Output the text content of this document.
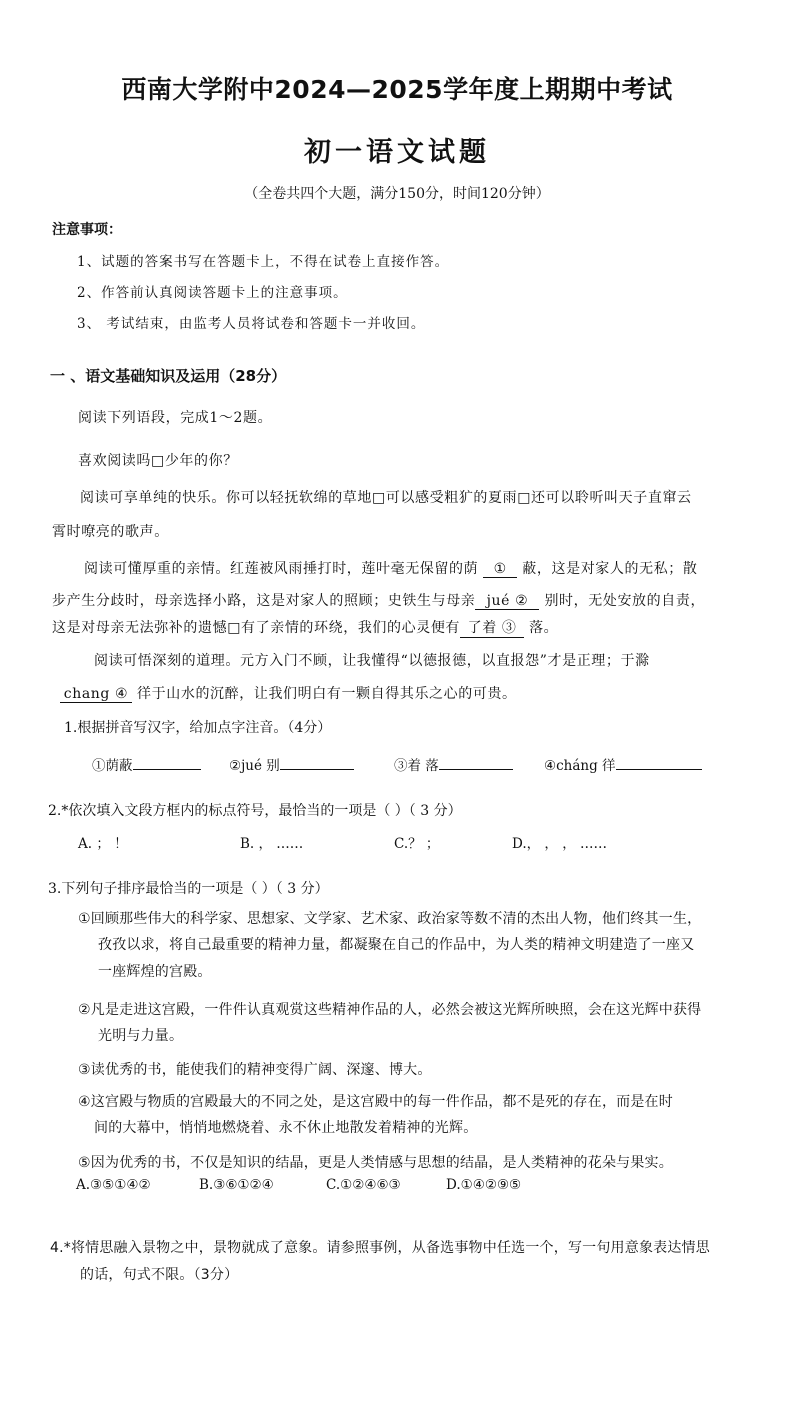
西南大学附中2024—2025学年度上期期中考试
初一语文试题
（全卷共四个大题，满分150分，时间120分钟）
注意事项：
1、试题的答案书写在答题卡上，不得在试卷上直接作答。
2、作答前认真阅读答题卡上的注意事项。
3、 考试结束，由监考人员将试卷和答题卡一并收回。
一 、语文基础知识及运用（28分）
阅读下列语段，完成1～2题。
喜欢阅读吗□少年的你？
阅读可享单纯的快乐。你可以轻抚软绵的草地□可以感受粗犷的夏雨□还可以聆听叫天子直窜云
霄时嘹亮的歌声。
阅读可懂厚重的亲情。红莲被风雨捶打时，莲叶毫无保留的荫 ① 蔽，这是对家人的无私；散
步产生分歧时，母亲选择小路，这是对家人的照顾；史铁生与母亲 jué ② 别时，无处安放的自责，
这是对母亲无法弥补的遗憾□有了亲情的环绕，我们的心灵便有 了着 ③ 落。
阅读可悟深刻的道理。元方入门不顾，让我懂得“以德报德，以直报怨”才是正理；于滁
chang ④ 徉于山水的沉醉，让我们明白有一颗自得其乐之心的可贵。
1.根据拼音写汉字，给加点字注音。（4分）
①荫蔽	②jué 别	③着 落	④cháng 徉
2.*依次填入文段方框内的标点符号，最恰当的一项是（ ）（ 3 分）
A. ； ！	B. ， ……	C.？ ；	D.， ， ， ……
3.下列句子排序最恰当的一项是（ ）（ 3 分）
①回顾那些伟大的科学家、思想家、文学家、艺术家、政治家等数不清的杰出人物，他们终其一生，
孜孜以求，将自己最重要的精神力量，都凝聚在自己的作品中，为人类的精神文明建造了一座又
一座辉煌的宫殿。
②凡是走进这宫殿，一件件认真观赏这些精神作品的人，必然会被这光辉所映照，会在这光辉中获得
光明与力量。
③读优秀的书，能使我们的精神变得广阔、深邃、博大。
④这宫殿与物质的宫殿最大的不同之处，是这宫殿中的每一件作品，都不是死的存在，而是在时
间的大幕中，悄悄地燃烧着、永不休止地散发着精神的光辉。
⑤因为优秀的书，不仅是知识的结晶，更是人类情感与思想的结晶，是人类精神的花朵与果实。
A.③⑤①④②	B.③⑥①②④	C.①②④⑥③	D.①④②⑨⑤
4.*将情思融入景物之中，景物就成了意象。请参照事例，从备选事物中任选一个，写一句用意象表达情思
的话，句式不限。（3分）
